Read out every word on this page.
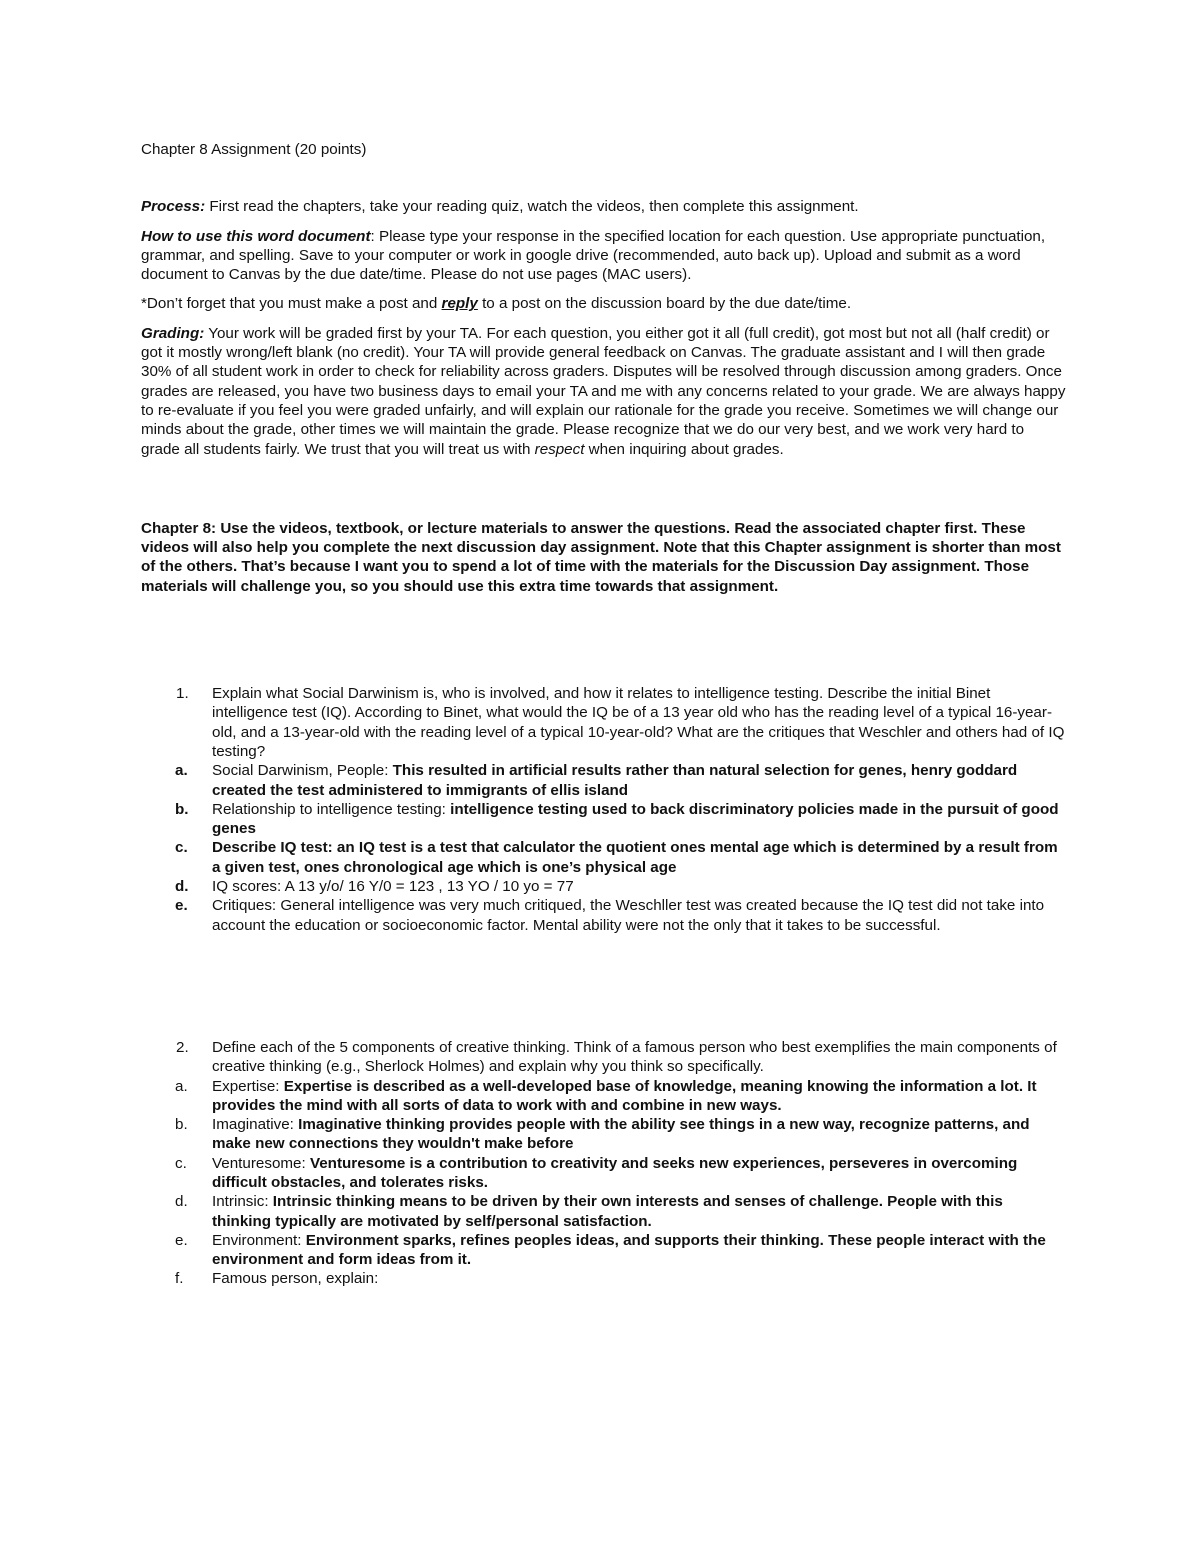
Chapter 8 Assignment (20 points)

Process: First read the chapters, take your reading quiz, watch the videos, then complete this assignment.

How to use this word document: Please type your response in the specified location for each question. Use appropriate punctuation, grammar, and spelling. Save to your computer or work in google drive (recommended, auto back up). Upload and submit as a word document to Canvas by the due date/time. Please do not use pages (MAC users).

*Don’t forget that you must make a post and reply to a post on the discussion board by the due date/time.

Grading: Your work will be graded first by your TA. For each question, you either got it all (full credit), got most but not all (half credit) or got it mostly wrong/left blank (no credit). Your TA will provide general feedback on Canvas. The graduate assistant and I will then grade 30% of all student work in order to check for reliability across graders. Disputes will be resolved through discussion among graders. Once grades are released, you have two business days to email your TA and me with any concerns related to your grade. We are always happy to re-evaluate if you feel you were graded unfairly, and will explain our rationale for the grade you receive. Sometimes we will change our minds about the grade, other times we will maintain the grade. Please recognize that we do our very best, and we work very hard to grade all students fairly. We trust that you will treat us with respect when inquiring about grades.

Chapter 8: Use the videos, textbook, or lecture materials to answer the questions. Read the associated chapter first. These videos will also help you complete the next discussion day assignment. Note that this Chapter assignment is shorter than most of the others. That’s because I want you to spend a lot of time with the materials for the Discussion Day assignment. Those materials will challenge you, so you should use this extra time towards that assignment.

1. Explain what Social Darwinism is, who is involved, and how it relates to intelligence testing. Describe the initial Binet intelligence test (IQ). According to Binet, what would the IQ be of a 13 year old who has the reading level of a typical 16-year-old, and a 13-year-old with the reading level of a typical 10-year-old? What are the critiques that Weschler and others had of IQ testing?
a. Social Darwinism, People: This resulted in artificial results rather than natural selection for genes, henry goddard created the test administered to immigrants of ellis island
b. Relationship to intelligence testing: intelligence testing used to back discriminatory policies made in the pursuit of good genes
c. Describe IQ test: an IQ test is a test that calculator the quotient ones mental age which is determined by a result from a given test, ones chronological age which is one’s physical age
d. IQ scores: A 13 y/o/ 16 Y/0 = 123 , 13 YO / 10 yo = 77
e. Critiques: General intelligence was very much critiqued, the Weschller test was created because the IQ test did not take into account the education or socioeconomic factor. Mental ability were not the only that it takes to be successful.
2. Define each of the 5 components of creative thinking. Think of a famous person who best exemplifies the main components of creative thinking (e.g., Sherlock Holmes) and explain why you think so specifically.
a. Expertise: Expertise is described as a well-developed base of knowledge, meaning knowing the information a lot. It provides the mind with all sorts of data to work with and combine in new ways.
b. Imaginative: Imaginative thinking provides people with the ability see things in a new way, recognize patterns, and make new connections they wouldn't make before
c. Venturesome: Venturesome is a contribution to creativity and seeks new experiences, perseveres in overcoming difficult obstacles, and tolerates risks.
d. Intrinsic: Intrinsic thinking means to be driven by their own interests and senses of challenge. People with this thinking typically are motivated by self/personal satisfaction.
e. Environment: Environment sparks, refines peoples ideas, and supports their thinking. These people interact with the environment and form ideas from it.
f. Famous person, explain:
